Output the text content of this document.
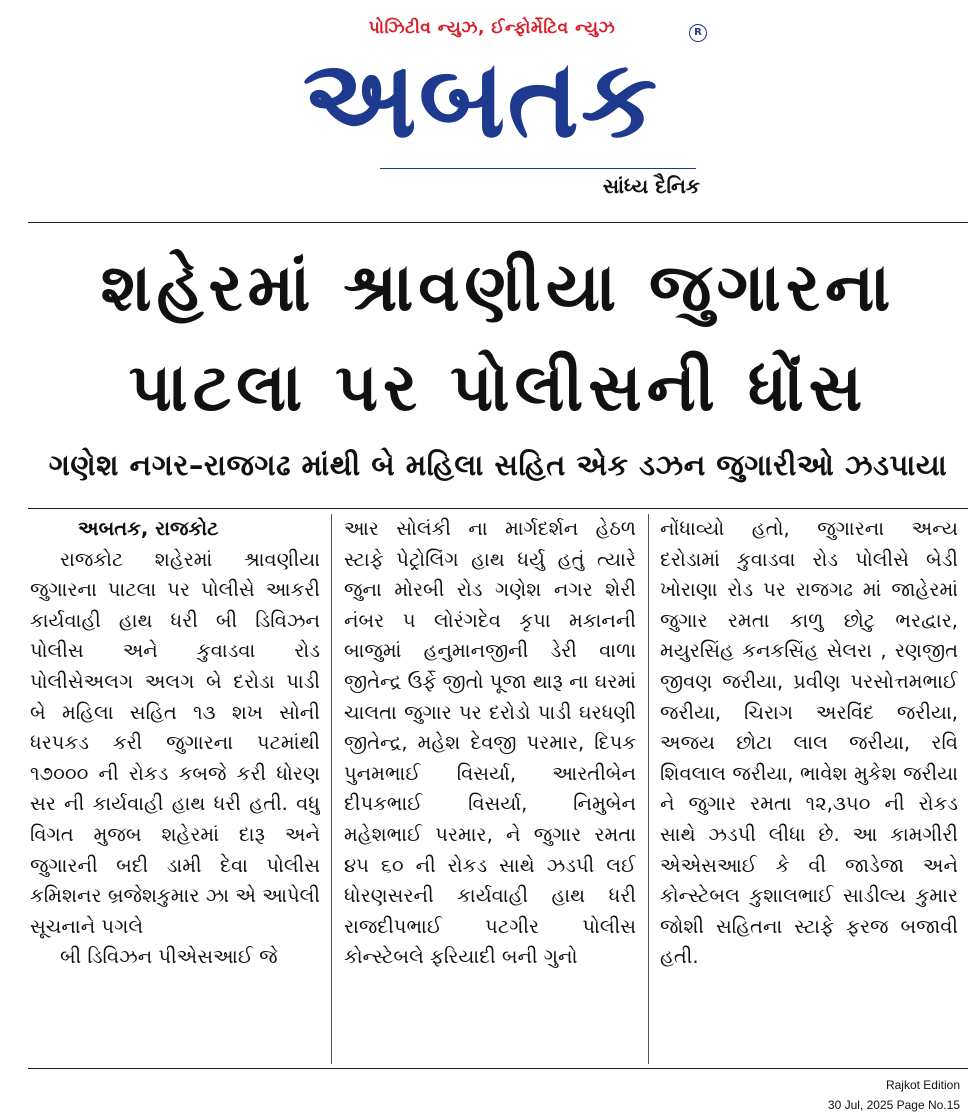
પોઝિટીવ ન્યુઝ, ઈન્ફોર્મેટિવ ન્યુઝ
અબતક
R
સાંધ્ય દૈનિક
શહેરમાં શ્રાવણીયા જુગારના
પાટલા પર પોલીસની ધોંસ
ગણેશ નગર–રાજગઢ માંથી બે મહિલા સહિત એક ડઝન જુગારીઓ ઝડપાયા
અબતક, રાજકોટ
રાજકોટ શહેરમાં શ્રાવણીયા જુગારના પાટલા પર પોલીસે આકરી કાર્યવાહી હાથ ધરી બી ડિવિઝન પોલીસ અને કુવાડવા રોડ પોલીસેઅલગ અલગ બે દરોડા પાડી બે મહિલા સહિત ૧૩ શખ સોની ધરપકડ કરી જુગારના પટમાંથી ૧૭૦૦૦ ની રોકડ કબજે કરી ધોરણ સર ની કાર્યવાહી હાથ ધરી હતી. વધુ વિગત મુજબ શહેરમાં દારૂ અને જુગારની બદી ડામી દેવા પોલીસ કમિશનર બ્રજેશકુમાર ઝા એ આપેલી સૂચનાને પગલે
બી ડિવિઝન પીએસઆઈ જે
આર સોલંકી ના માર્ગદર્શન હેઠળ સ્ટાફે પેટ્રોલિંગ હાથ ધર્યુ હતું ત્યારે જુના મોરબી રોડ ગણેશ નગર શેરી નંબર ૫ લોરંગદેવ કૃપા મકાનની બાજુમાં હનુમાનજીની ડેરી વાળા જીતેન્દ્ર ઉર્ફે જીતો પૂજા થારૂ ના ઘરમાં ચાલતા જુગાર પર દરોડો પાડી ઘરધણી જીતેન્દ્ર, મહેશ દેવજી પરમાર, દિપક પુનમભાઈ વિસર્યા, આરતીબેન દીપકભાઈ વિસર્યા, નિમુબેન મહેશભાઈ પરમાર, ને જુગાર રમતા ૪૫ ૬૦ ની રોકડ સાથે ઝડપી લઈ ધોરણસરની કાર્યવાહી હાથ ધરી રાજદીપભાઈ પટગીર પોલીસ કોન્સ્ટેબલે ફરિયાદી બની ગુનો
નોંધાવ્યો હતો, જુગારના અન્ય દરોડામાં કુવાડવા રોડ પોલીસે બેડી ખોરાણા રોડ પર રાજગઢ માં જાહેરમાં જુગાર રમતા કાળુ છોટુ ભરદ્વાર, મયુરસિંહ કનકસિંહ સેલરા , રણજીત જીવણ જરીયા, પ્રવીણ પરસોત્તમભાઈ જરીયા, ચિરાગ અરવિંદ જરીયા, અજય છોટા લાલ જરીયા, રવિ શિવલાલ જરીયા, ભાવેશ મુકેશ જરીયા ને જુગાર રમતા ૧૨,૩૫૦ ની રોકડ સાથે ઝડપી લીધા છે. આ કામગીરી એએસઆઈ કે વી જાડેજા અને કોન્સ્ટેબલ કુશાલભાઈ સાડીલ્ય કુમાર જોશી સહિતના સ્ટાફે ફરજ બજાવી હતી.
Rajkot Edition
30 Jul, 2025 Page No.15
